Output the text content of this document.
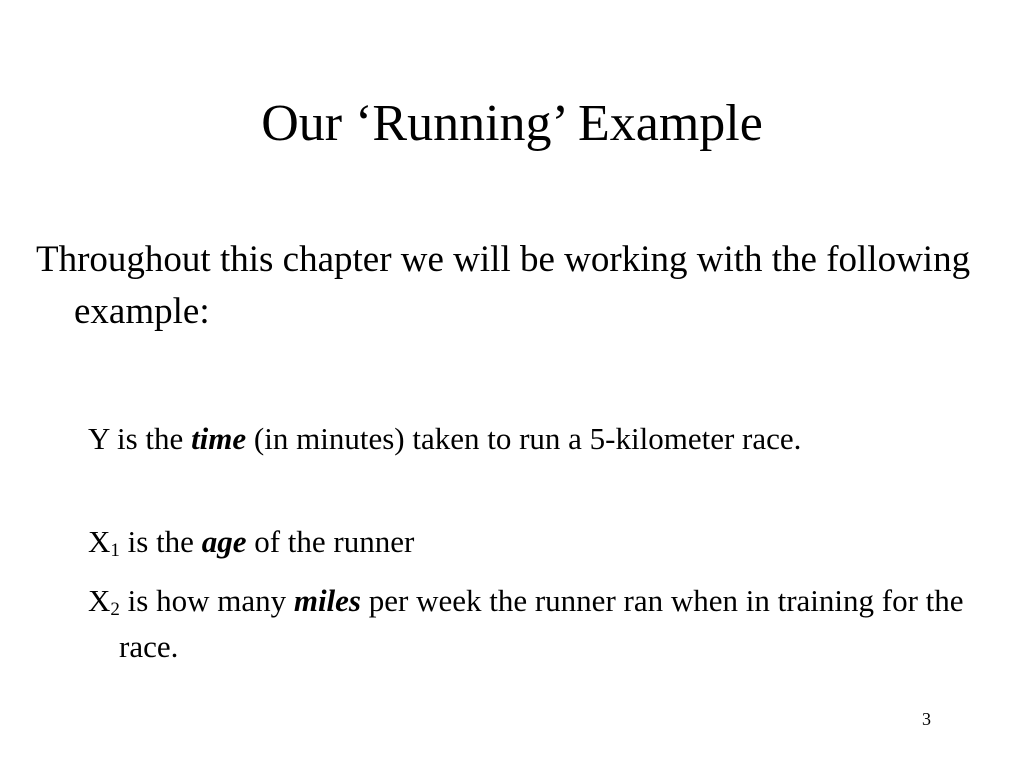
Our ‘Running’ Example

Throughout this chapter we will be working with the following example:

Y is the time (in minutes) taken to run a 5-kilometer race.

X1 is the age of the runner

X2 is how many miles per week the runner ran when in training for the race.

3
